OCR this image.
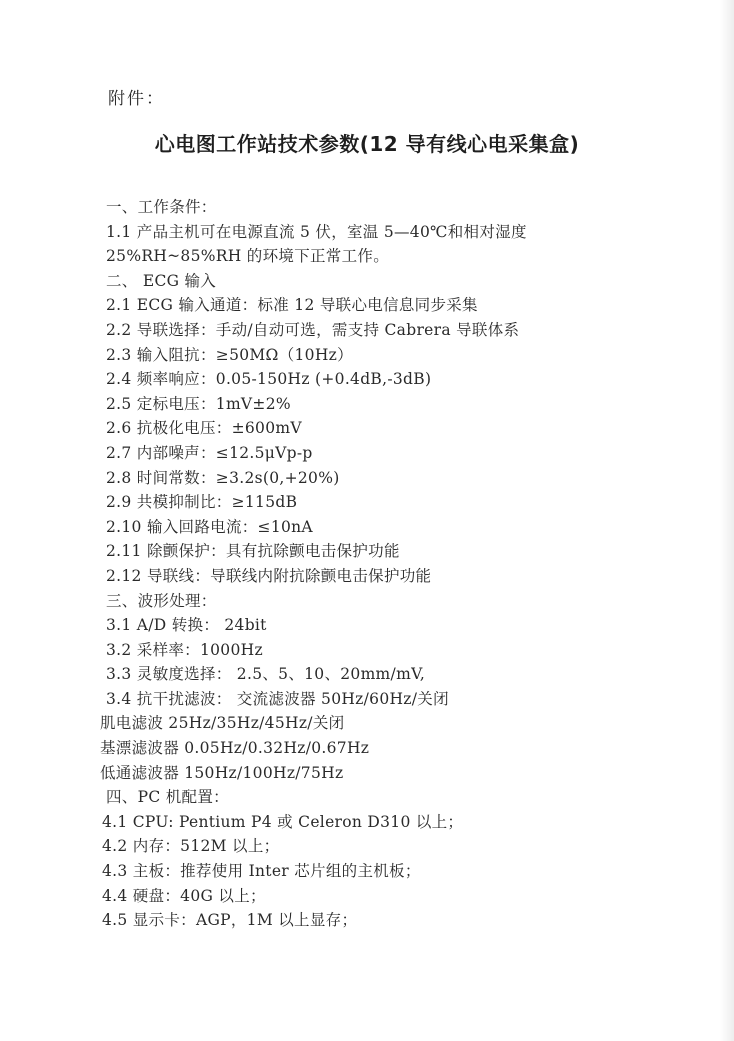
附件：
心电图工作站技术参数(12 导有线心电采集盒)
一、工作条件：
1.1 产品主机可在电源直流 5 伏，室温 5—40℃和相对湿度
25%RH~85%RH 的环境下正常工作。
二、 ECG 输入
2.1 ECG 输入通道：标准 12 导联心电信息同步采集
2.2 导联选择：手动/自动可选，需支持 Cabrera 导联体系
2.3 输入阻抗：≥50MΩ（10Hz）
2.4 频率响应：0.05-150Hz (+0.4dB,-3dB)
2.5 定标电压：1mV±2%
2.6 抗极化电压：±600mV
2.7 内部噪声：≤12.5μVp-p
2.8 时间常数：≥3.2s(0,+20%)
2.9 共模抑制比：≥115dB
2.10 输入回路电流：≤10nA
2.11 除颤保护：具有抗除颤电击保护功能
2.12 导联线：导联线内附抗除颤电击保护功能
三、波形处理：
3.1 A/D 转换： 24bit
3.2 采样率：1000Hz
3.3 灵敏度选择： 2.5、5、10、20mm/mV,
3.4 抗干扰滤波： 交流滤波器 50Hz/60Hz/关闭
肌电滤波 25Hz/35Hz/45Hz/关闭
基漂滤波器 0.05Hz/0.32Hz/0.67Hz
低通滤波器 150Hz/100Hz/75Hz
四、PC 机配置：
4.1 CPU: Pentium P4 或 Celeron D310 以上；
4.2 内存：512M 以上；
4.3 主板：推荐使用 Inter 芯片组的主机板；
4.4 硬盘：40G 以上；
4.5 显示卡：AGP，1M 以上显存；
